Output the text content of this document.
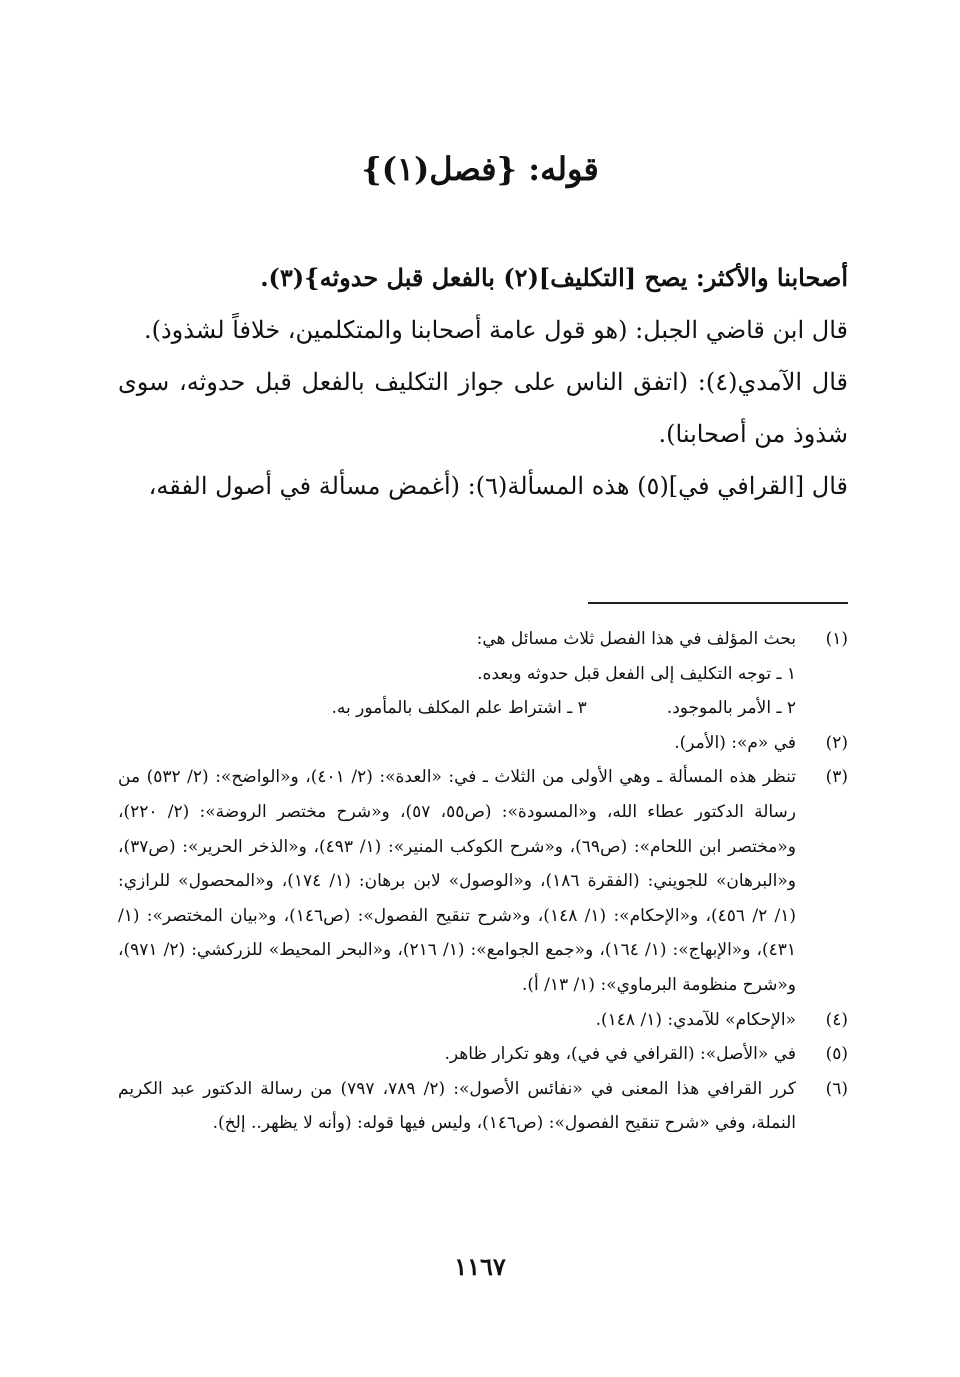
قوله: {فصل(١)}

أصحابنا والأكثر: يصح [التكليف](٢) بالفعل قبل حدوثه}(٣).

قال ابن قاضي الجبل: (هو قول عامة أصحابنا والمتكلمين، خلافاً لشذوذ).

قال الآمدي(٤): (اتفق الناس على جواز التكليف بالفعل قبل حدوثه، سوى شذوذ من أصحابنا).

قال [القرافي في](٥) هذه المسألة(٦): (أغمض مسألة في أصول الفقه،

(١)
بحث المؤلف في هذا الفصل ثلاث مسائل هي:
١ ـ توجه التكليف إلى الفعل قبل حدوثه وبعده.
٢ ـ الأمر بالموجود.
٣ ـ اشتراط علم المكلف بالمأمور به.
(٢)
في «م»: (الأمر).
(٣)
تنظر هذه المسألة ـ وهي الأولى من الثلاث ـ في: «العدة»: (٢/ ٤٠١)، و«الواضح»: (٢/ ٥٣٢) من رسالة الدكتور عطاء الله، و«المسودة»: (ص٥٥، ٥٧)، و«شرح مختصر الروضة»: (٢/ ٢٢٠)، و«مختصر ابن اللحام»: (ص٦٩)، و«شرح الكوكب المنير»: (١/ ٤٩٣)، و«الذخر الحرير»: (ص٣٧)، و«البرهان» للجويني: (الفقرة ١٨٦)، و«الوصول» لابن برهان: (١/ ١٧٤)، و«المحصول» للرازي: (١/ ٢/ ٤٥٦)، و«الإحكام»: (١/ ١٤٨)، و«شرح تنقيح الفصول»: (ص١٤٦)، و«بيان المختصر»: (١/ ٤٣١)، و«الإبهاج»: (١/ ١٦٤)، و«جمع الجوامع»: (١/ ٢١٦)، و«البحر المحيط» للزركشي: (٢/ ٩٧١)، و«شرح منظومة البرماوي»: (١/ ١٣/ أ).
(٤)
«الإحكام» للآمدي: (١/ ١٤٨).
(٥)
في «الأصل»: (القرافي في في)، وهو تكرار ظاهر.
(٦)
كرر القرافي هذا المعنى في «نفائس الأصول»: (٢/ ٧٨٩، ٧٩٧) من رسالة الدكتور عبد الكريم النملة، وفي «شرح تنقيح الفصول»: (ص١٤٦)، وليس فيها قوله: (وأنه لا يظهر.. إلخ).
١١٦٧
